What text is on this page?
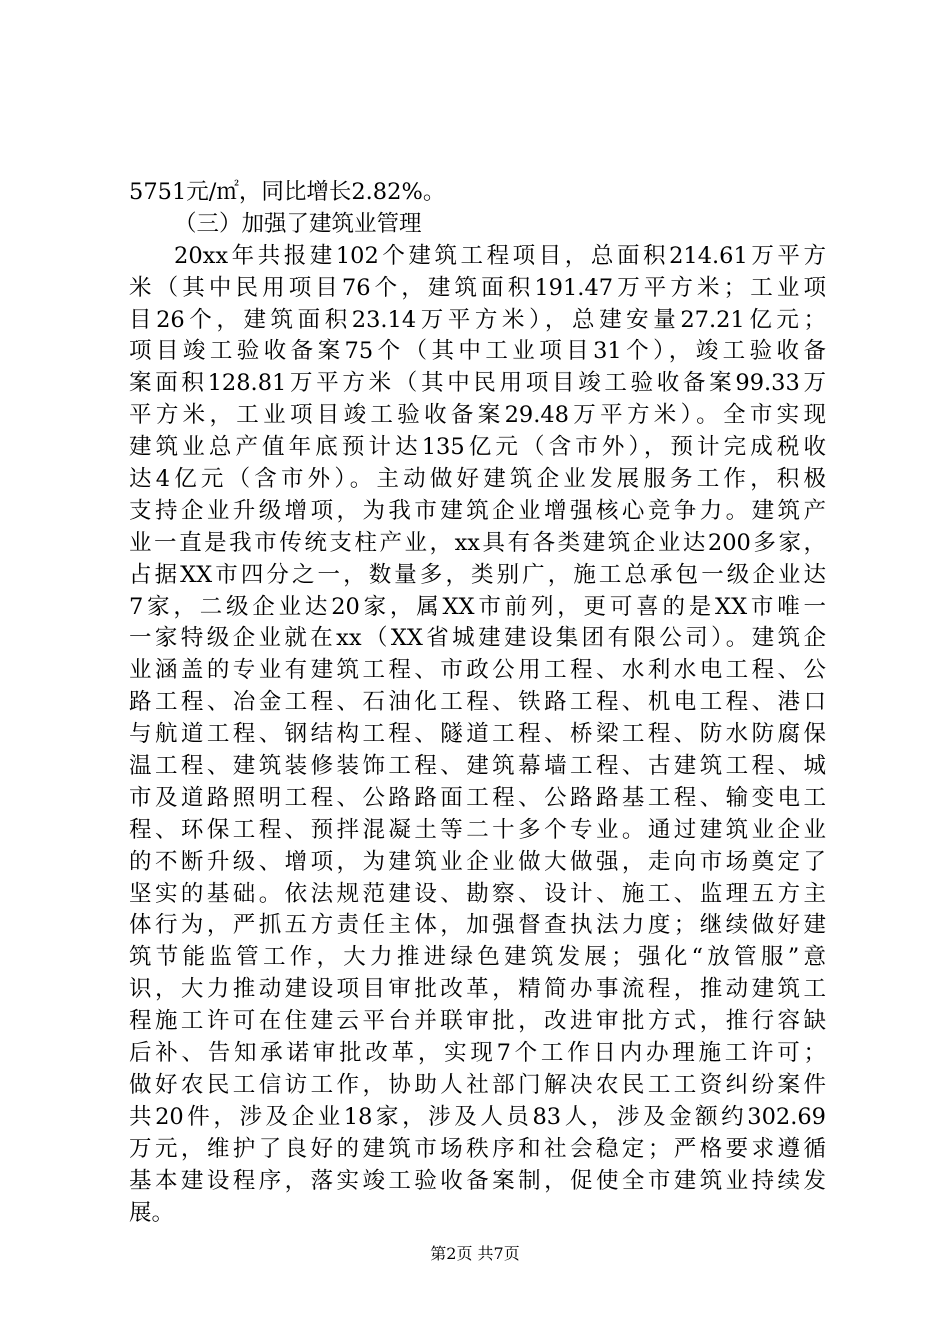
5751元/㎡，同比增长2.82%。
（三）加强了建筑业管理
20xx年共报建102个建筑工程项目，总面积214.61万平方
米（其中民用项目76个，建筑面积191.47万平方米；工业项
目26个，建筑面积23.14万平方米），总建安量27.21亿元；
项目竣工验收备案75个（其中工业项目31个），竣工验收备
案面积128.81万平方米（其中民用项目竣工验收备案99.33万
平方米，工业项目竣工验收备案29.48万平方米）。全市实现
建筑业总产值年底预计达135亿元（含市外），预计完成税收
达4亿元（含市外）。主动做好建筑企业发展服务工作，积极
支持企业升级增项，为我市建筑企业增强核心竞争力。建筑产
业一直是我市传统支柱产业，xx具有各类建筑企业达200多家，
占据XX市四分之一，数量多，类别广，施工总承包一级企业达
7家，二级企业达20家，属XX市前列，更可喜的是XX市唯一
一家特级企业就在xx（XX省城建建设集团有限公司）。建筑企
业涵盖的专业有建筑工程、市政公用工程、水利水电工程、公
路工程、冶金工程、石油化工程、铁路工程、机电工程、港口
与航道工程、钢结构工程、隧道工程、桥梁工程、防水防腐保
温工程、建筑装修装饰工程、建筑幕墙工程、古建筑工程、城
市及道路照明工程、公路路面工程、公路路基工程、输变电工
程、环保工程、预拌混凝土等二十多个专业。通过建筑业企业
的不断升级、增项，为建筑业企业做大做强，走向市场奠定了
坚实的基础。依法规范建设、勘察、设计、施工、监理五方主
体行为，严抓五方责任主体，加强督查执法力度；继续做好建
筑节能监管工作，大力推进绿色建筑发展；强化“放管服”意
识，大力推动建设项目审批改革，精简办事流程，推动建筑工
程施工许可在住建云平台并联审批，改进审批方式，推行容缺
后补、告知承诺审批改革，实现7个工作日内办理施工许可；
做好农民工信访工作，协助人社部门解决农民工工资纠纷案件
共20件，涉及企业18家，涉及人员83人，涉及金额约302.69
万元，维护了良好的建筑市场秩序和社会稳定；严格要求遵循
基本建设程序，落实竣工验收备案制，促使全市建筑业持续发
展。
第2页 共7页
